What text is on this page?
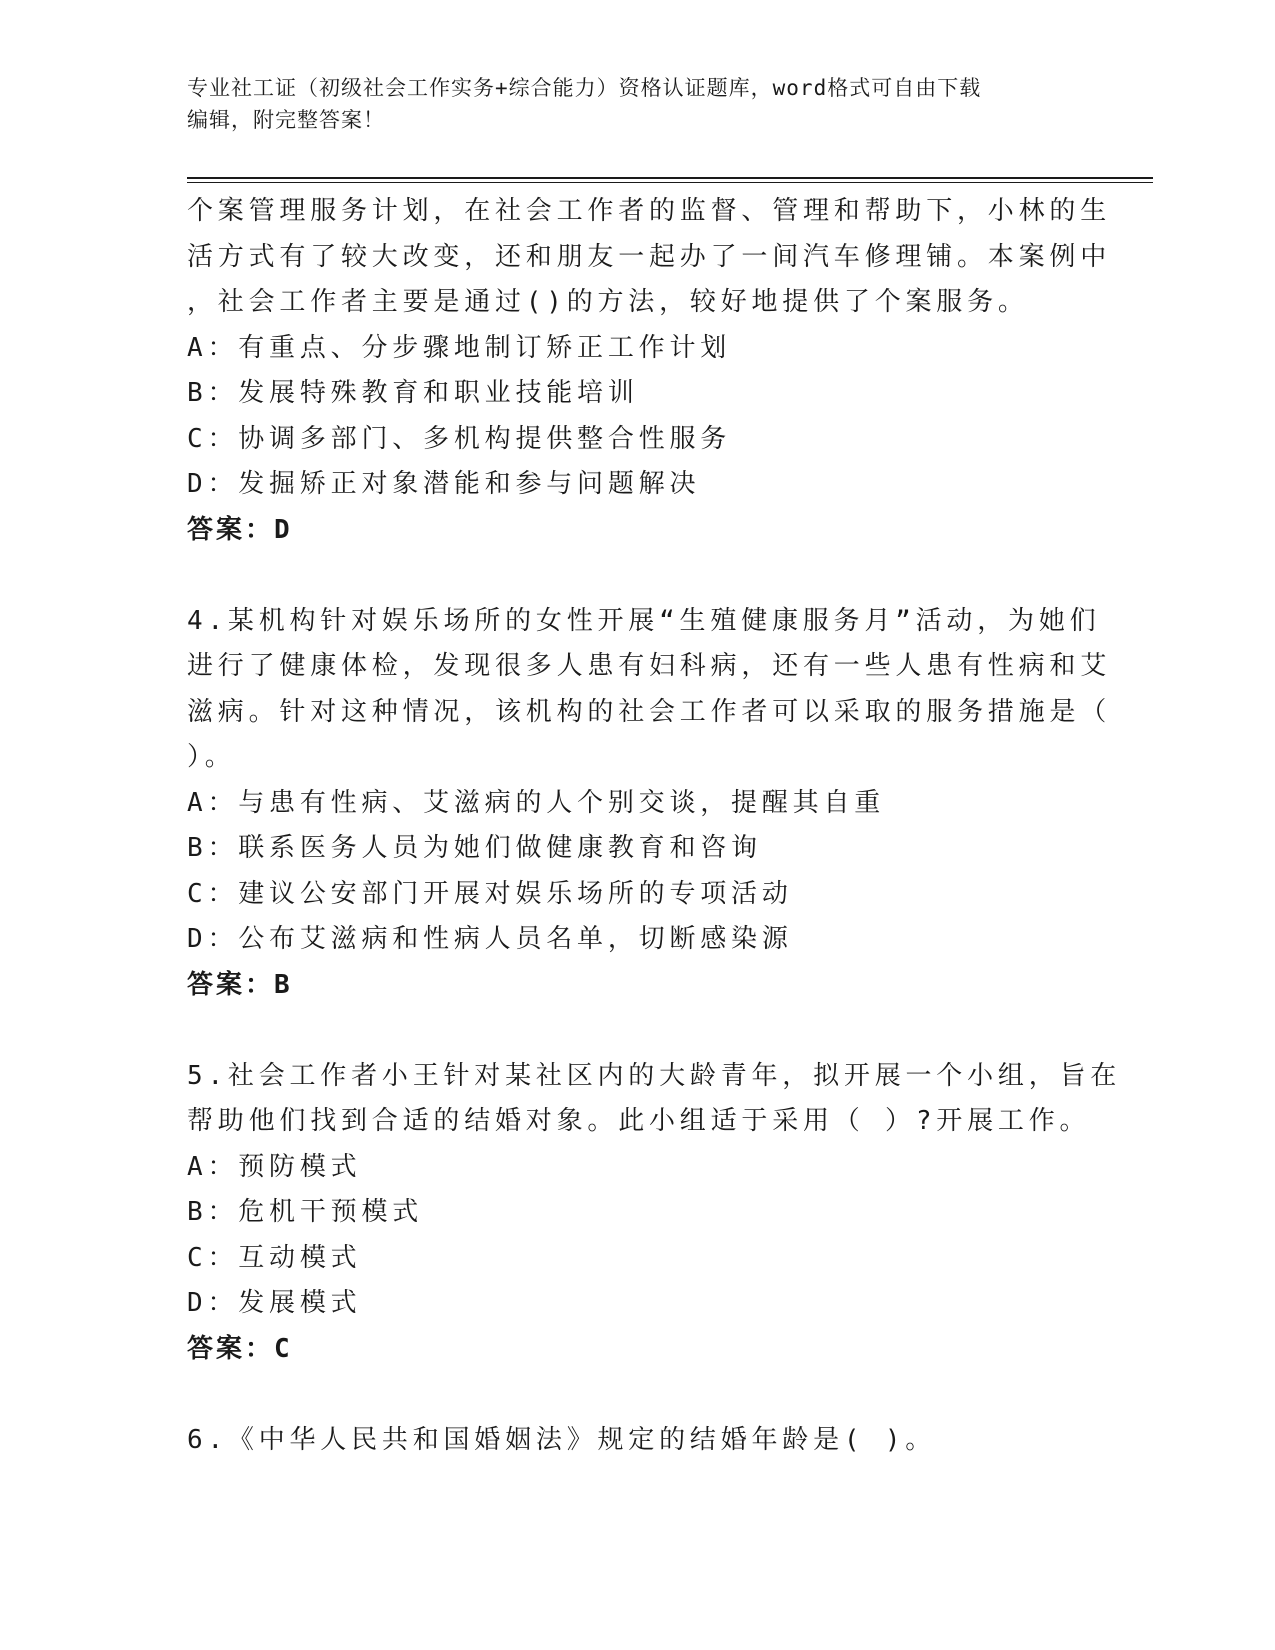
专业社工证（初级社会工作实务+综合能力）资格认证题库，word格式可自由下载
编辑，附完整答案！
个案管理服务计划，在社会工作者的监督、管理和帮助下，小林的生
活方式有了较大改变，还和朋友一起办了一间汽车修理铺。本案例中
，社会工作者主要是通过()的方法，较好地提供了个案服务。
A：有重点、分步骤地制订矫正工作计划
B：发展特殊教育和职业技能培训
C：协调多部门、多机构提供整合性服务
D：发掘矫正对象潜能和参与问题解决
答案：D
4.某机构针对娱乐场所的女性开展“生殖健康服务月”活动，为她们
进行了健康体检，发现很多人患有妇科病，还有一些人患有性病和艾
滋病。针对这种情况，该机构的社会工作者可以采取的服务措施是（
）。
A：与患有性病、艾滋病的人个别交谈，提醒其自重
B：联系医务人员为她们做健康教育和咨询
C：建议公安部门开展对娱乐场所的专项活动
D：公布艾滋病和性病人员名单，切断感染源
答案：B
5.社会工作者小王针对某社区内的大龄青年，拟开展一个小组，旨在
帮助他们找到合适的结婚对象。此小组适于采用（ ）?开展工作。
A：预防模式
B：危机干预模式
C：互动模式
D：发展模式
答案：C
6.《中华人民共和国婚姻法》规定的结婚年龄是( )。
